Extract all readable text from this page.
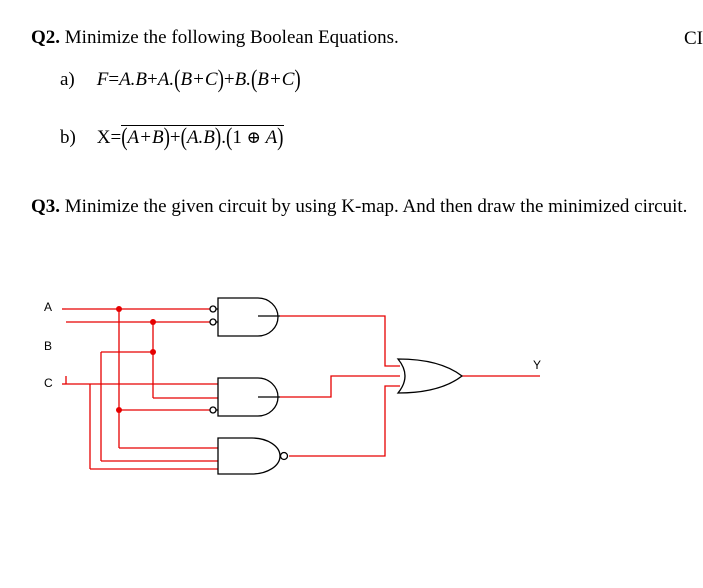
Q2. Minimize the following Boolean Equations.	CI
a) F=A.B+A.(B+C)+B.(B+C)
b) X=(A+B)+(A.B).(1 ⊕ A)
Q3. Minimize the given circuit by using K-map. And then draw the minimized circuit.
A
B
C
Y
